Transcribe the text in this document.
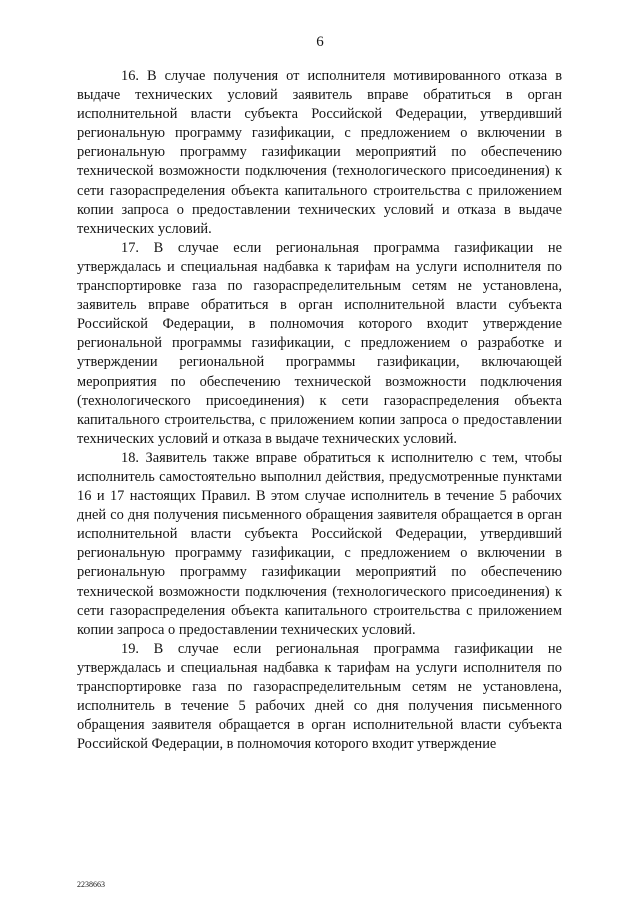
6

16. В случае получения от исполнителя мотивированного отказа в выдаче технических условий заявитель вправе обратиться в орган исполнительной власти субъекта Российской Федерации, утвердивший региональную программу газификации, с предложением о включении в региональную программу газификации мероприятий по обеспечению технической возможности подключения (технологического присоединения) к сети газораспределения объекта капитального строительства с приложением копии запроса о предоставлении технических условий и отказа в выдаче технических условий.

17. В случае если региональная программа газификации не утверждалась и специальная надбавка к тарифам на услуги исполнителя по транспортировке газа по газораспределительным сетям не установлена, заявитель вправе обратиться в орган исполнительной власти субъекта Российской Федерации, в полномочия которого входит утверждение региональной программы газификации, с предложением о разработке и утверждении региональной программы газификации, включающей мероприятия по обеспечению технической возможности подключения (технологического присоединения) к сети газораспределения объекта капитального строительства, с приложением копии запроса о предоставлении технических условий и отказа в выдаче технических условий.

18. Заявитель также вправе обратиться к исполнителю с тем, чтобы исполнитель самостоятельно выполнил действия, предусмотренные пунктами 16 и 17 настоящих Правил. В этом случае исполнитель в течение 5 рабочих дней со дня получения письменного обращения заявителя обращается в орган исполнительной власти субъекта Российской Федерации, утвердивший региональную программу газификации, с предложением о включении в региональную программу газификации мероприятий по обеспечению технической возможности подключения (технологического присоединения) к сети газораспределения объекта капитального строительства с приложением копии запроса о предоставлении технических условий.

19. В случае если региональная программа газификации не утверждалась и специальная надбавка к тарифам на услуги исполнителя по транспортировке газа по газораспределительным сетям не установлена, исполнитель в течение 5 рабочих дней со дня получения письменного обращения заявителя обращается в орган исполнительной власти субъекта Российской Федерации, в полномочия которого входит утверждение

2238663
